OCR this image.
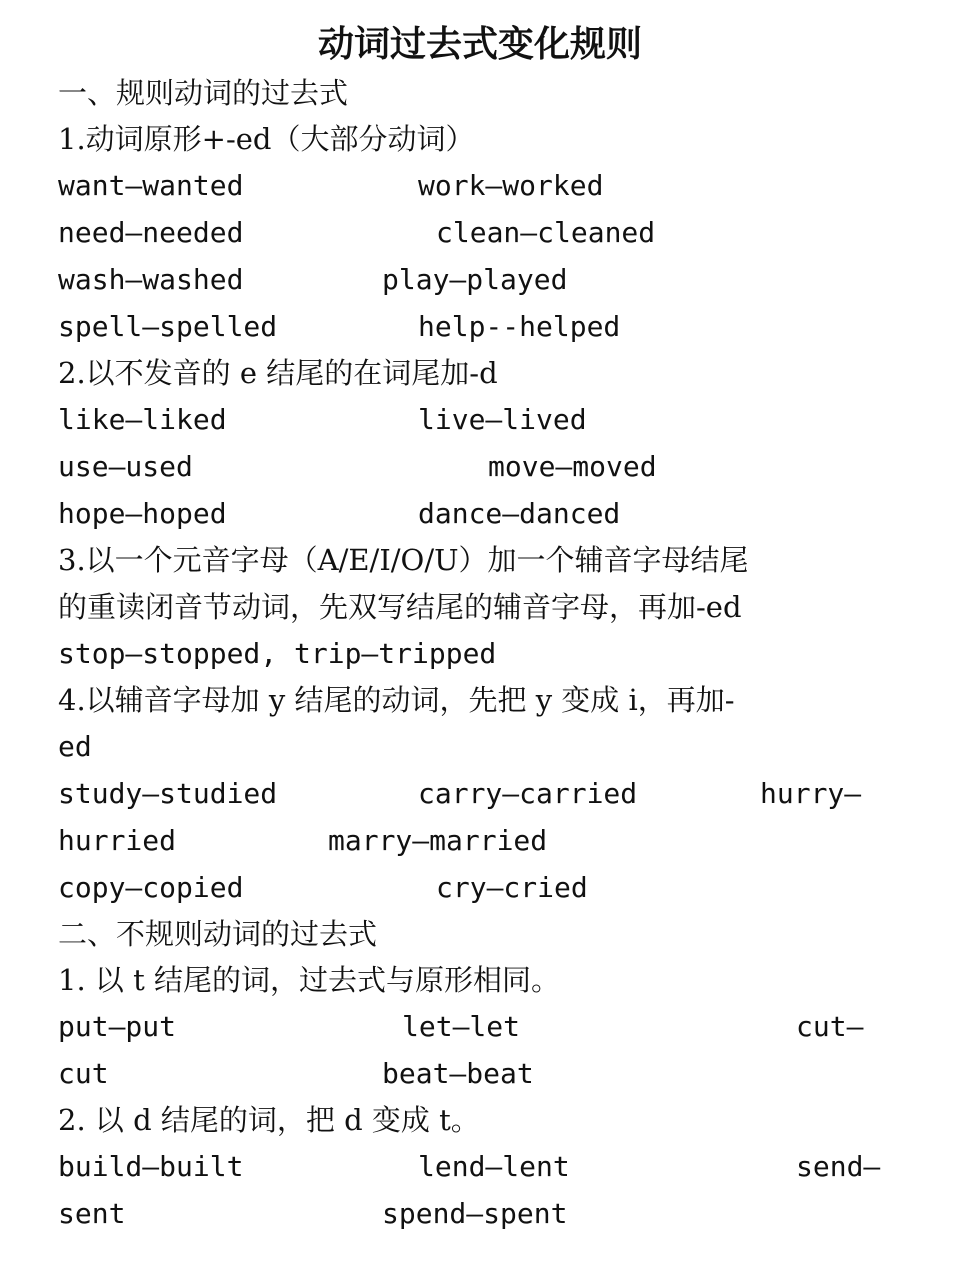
动词过去式变化规则
一、规则动词的过去式
1.动词原形+-ed（大部分动词）
want—wanted	work—worked
need—needed	clean—cleaned
wash—washed	play—played
spell—spelled	help--helped
2.以不发音的 e 结尾的在词尾加-d
like—liked	live—lived
use—used	move—moved
hope—hoped	dance—danced
3.以一个元音字母（A/E/I/O/U）加一个辅音字母结尾
的重读闭音节动词，先双写结尾的辅音字母，再加-ed
stop—stopped, trip—tripped
4.以辅音字母加 y 结尾的动词，先把 y 变成 i，再加-
ed
study—studied	carry—carried	hurry—
hurried	marry—married
copy—copied	cry—cried
二、不规则动词的过去式
1. 以 t 结尾的词，过去式与原形相同。
put—put	let—let	cut—
cut	beat—beat
2. 以 d 结尾的词，把 d 变成 t。
build—built	lend—lent	send—
sent	spend—spent
